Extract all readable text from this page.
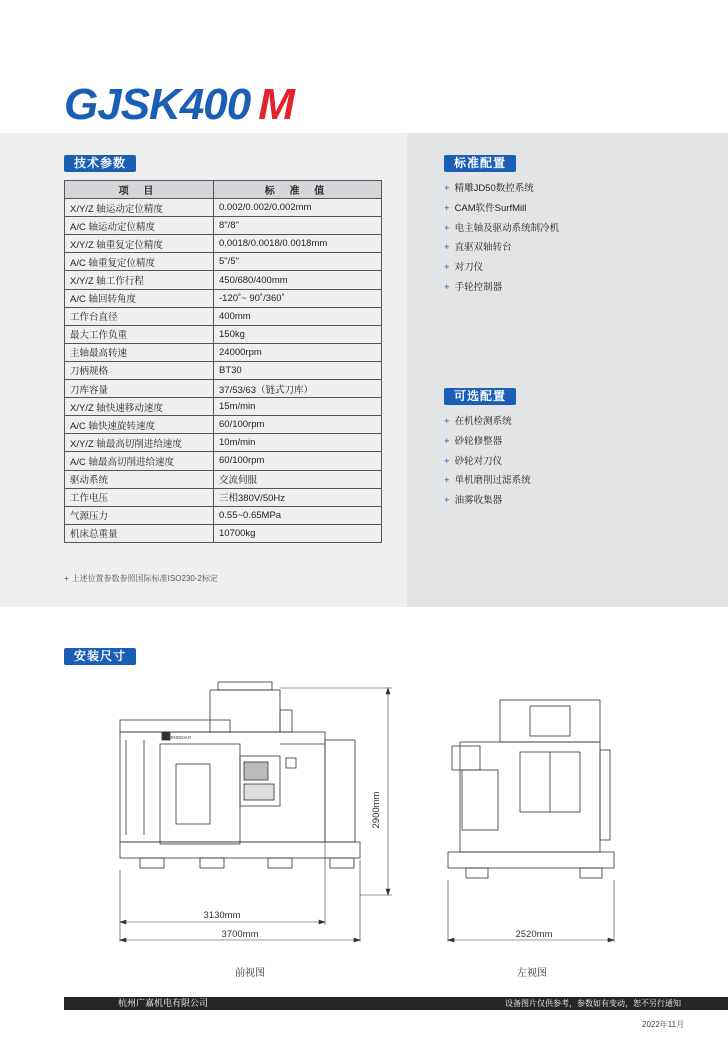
GJSK400 M
技术参数
项 目	标 准 值
X/Y/Z 轴运动定位精度	0.002/0.002/0.002mm
A/C 轴运动定位精度	8"/8"
X/Y/Z 轴重复定位精度	0.0018/0.0018/0.0018mm
A/C 轴重复定位精度	5"/5"
X/Y/Z 轴工作行程	450/680/400mm
A/C 轴回转角度	-120˚~ 90˚/360˚
工作台直径	400mm
最大工作负重	150kg
主轴最高转速	24000rpm
刀柄规格	BT30
刀库容量	37/53/63（链式刀库）
X/Y/Z 轴快速移动速度	15m/min
A/C 轴快速旋转速度	60/100rpm
X/Y/Z 轴最高切削进给速度	10m/min
A/C 轴最高切削进给速度	60/100rpm
驱动系统	交流伺服
工作电压	三相380V/50Hz
气源压力	0.55~0.65MPa
机床总重量	10700kg
+ 上述位置参数参照国际标准ISO230-2标定
标准配置
+ 精雕JD50数控系统
+ CAM软件SurfMill
+ 电主轴及驱动系统制冷机
+ 直驱双轴转台
+ 对刀仪
+ 手轮控制器
可选配置
+ 在机检测系统
+ 砂轮修整器
+ 砂轮对刀仪
+ 单机磨削过滤系统
+ 油雾收集器
安装尺寸
JINGDIAO
2900mm
3130mm
3700mm	2520mm
前视图	左视图
杭州广嘉机电有限公司	设备图片仅供参考，参数如有变动，恕不另行通知
2022年11月
